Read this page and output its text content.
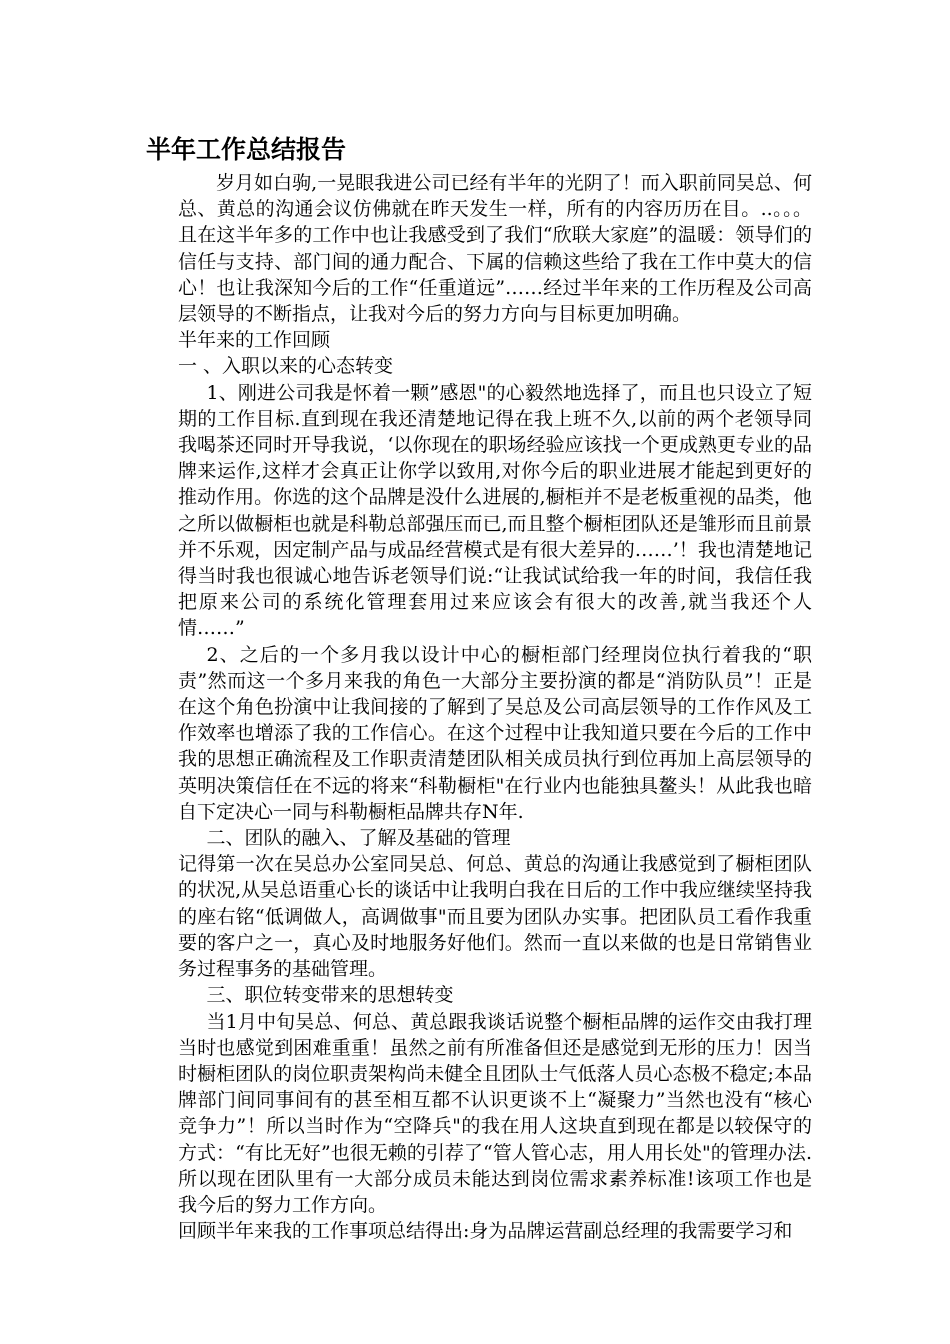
半年工作总结报告

岁月如白驹,一晃眼我进公司已经有半年的光阴了！而入职前同吴总、何总、黄总的沟通会议仿佛就在昨天发生一样，所有的内容历历在目。..。。。且在这半年多的工作中也让我感受到了我们“欣联大家庭”的温暖：领导们的信任与支持、部门间的通力配合、下属的信赖这些给了我在工作中莫大的信心！也让我深知今后的工作“任重道远”……经过半年来的工作历程及公司高层领导的不断指点，让我对今后的努力方向与目标更加明确。

半年来的工作回顾

一 、入职以来的心态转变

1、刚进公司我是怀着一颗”感恩"的心毅然地选择了，而且也只设立了短期的工作目标.直到现在我还清楚地记得在我上班不久,以前的两个老领导同我喝茶还同时开导我说，‘以你现在的职场经验应该找一个更成熟更专业的品牌来运作,这样才会真正让你学以致用,对你今后的职业进展才能起到更好的推动作用。你选的这个品牌是没什么进展的,橱柜并不是老板重视的品类，他之所以做橱柜也就是科勒总部强压而已,而且整个橱柜团队还是雏形而且前景并不乐观，因定制产品与成品经营模式是有很大差异的……’！我也清楚地记得当时我也很诚心地告诉老领导们说:“让我试试给我一年的时间，我信任我把原来公司的系统化管理套用过来应该会有很大的改善,就当我还个人情……”

2、之后的一个多月我以设计中心的橱柜部门经理岗位执行着我的“职责”然而这一个多月来我的角色一大部分主要扮演的都是“消防队员”！正是在这个角色扮演中让我间接的了解到了吴总及公司高层领导的工作作风及工作效率也增添了我的工作信心。在这个过程中让我知道只要在今后的工作中我的思想正确流程及工作职责清楚团队相关成员执行到位再加上高层领导的英明决策信任在不远的将来“科勒橱柜"在行业内也能独具鳌头！从此我也暗自下定决心一同与科勒橱柜品牌共存N年.

二、团队的融入、了解及基础的管理

记得第一次在吴总办公室同吴总、何总、黄总的沟通让我感觉到了橱柜团队的状况,从吴总语重心长的谈话中让我明白我在日后的工作中我应继续坚持我的座右铭“低调做人，高调做事"而且要为团队办实事。把团队员工看作我重要的客户之一，真心及时地服务好他们。然而一直以来做的也是日常销售业务过程事务的基础管理。

三、职位转变带来的思想转变

当1月中旬吴总、何总、黄总跟我谈话说整个橱柜品牌的运作交由我打理当时也感觉到困难重重！虽然之前有所准备但还是感觉到无形的压力！因当时橱柜团队的岗位职责架构尚未健全且团队士气低落人员心态极不稳定;本品牌部门间同事间有的甚至相互都不认识更谈不上“凝聚力”当然也没有“核心竞争力”！所以当时作为“空降兵"的我在用人这块直到现在都是以较保守的方式：“有比无好”也很无赖的引荐了“管人管心志，用人用长处"的管理办法.所以现在团队里有一大部分成员未能达到岗位需求素养标准!该项工作也是我今后的努力工作方向。

回顾半年来我的工作事项总结得出:身为品牌运营副总经理的我需要学习和
